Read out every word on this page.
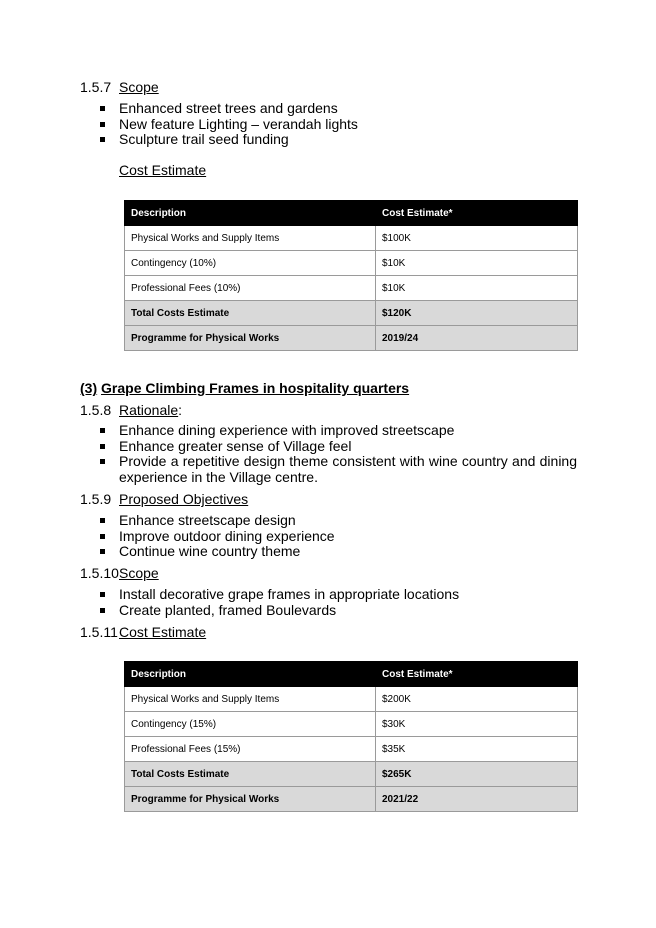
1.5.7 Scope
Enhanced street trees and gardens
New feature Lighting – verandah lights
Sculpture trail seed funding
Cost Estimate
Description	Cost Estimate*
Physical Works and Supply Items	$100K
Contingency (10%)	$10K
Professional Fees (10%)	$10K
Total Costs Estimate	$120K
Programme for Physical Works	2019/24
(3) Grape Climbing Frames in hospitality quarters
1.5.8 Rationale:
Enhance dining experience with improved streetscape
Enhance greater sense of Village feel
Provide a repetitive design theme consistent with wine country and dining experience in the Village centre.
1.5.9 Proposed Objectives
Enhance streetscape design
Improve outdoor dining experience
Continue wine country theme
1.5.10Scope
Install decorative grape frames in appropriate locations
Create planted, framed Boulevards
1.5.11Cost Estimate
Description	Cost Estimate*
Physical Works and Supply Items	$200K
Contingency (15%)	$30K
Professional Fees (15%)	$35K
Total Costs Estimate	$265K
Programme for Physical Works	2021/22
